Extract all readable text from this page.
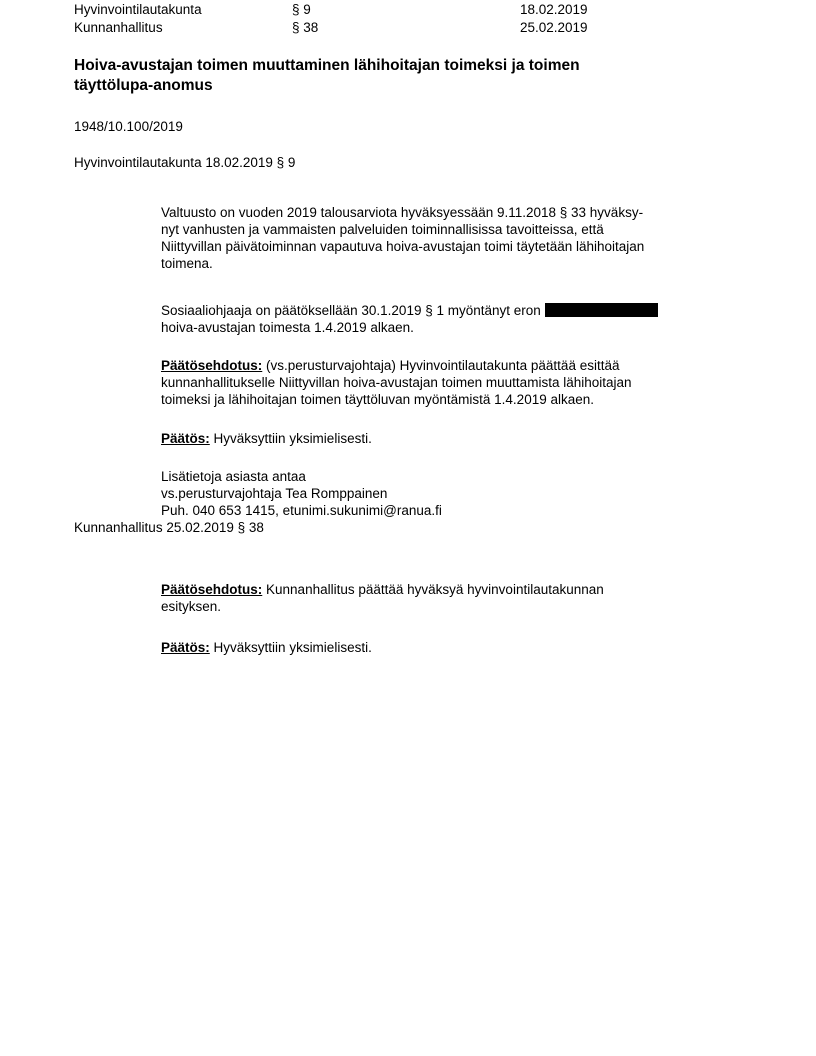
Hyvinvointilautakunta	§ 9	18.02.2019
Kunnanhallitus	§ 38	25.02.2019
Hoiva-avustajan toimen muuttaminen lähihoitajan toimeksi ja toimen
täyttölupa-anomus
1948/10.100/2019
Hyvinvointilautakunta 18.02.2019 § 9
Valtuusto on vuoden 2019 talousarviota hyväksyessään 9.11.2018 § 33 hyväksy-
nyt vanhusten ja vammaisten palveluiden toiminnallisissa tavoitteissa, että
Niittyvillan päivätoiminnan vapautuva hoiva-avustajan toimi täytetään lähihoitajan
toimena.
Sosiaaliohjaaja on päätöksellään 30.1.2019 § 1 myöntänyt eron
hoiva-avustajan toimesta 1.4.2019 alkaen.
Päätösehdotus: (vs.perusturvajohtaja) Hyvinvointilautakunta päättää esittää
kunnanhallitukselle Niittyvillan hoiva-avustajan toimen muuttamista lähihoitajan
toimeksi ja lähihoitajan toimen täyttöluvan myöntämistä 1.4.2019 alkaen.
Päätös: Hyväksyttiin yksimielisesti.
Lisätietoja asiasta antaa
vs.perusturvajohtaja Tea Romppainen
Puh. 040 653 1415, etunimi.sukunimi@ranua.fi
Kunnanhallitus 25.02.2019 § 38
Päätösehdotus: Kunnanhallitus päättää hyväksyä hyvinvointilautakunnan
esityksen.
Päätös: Hyväksyttiin yksimielisesti.
